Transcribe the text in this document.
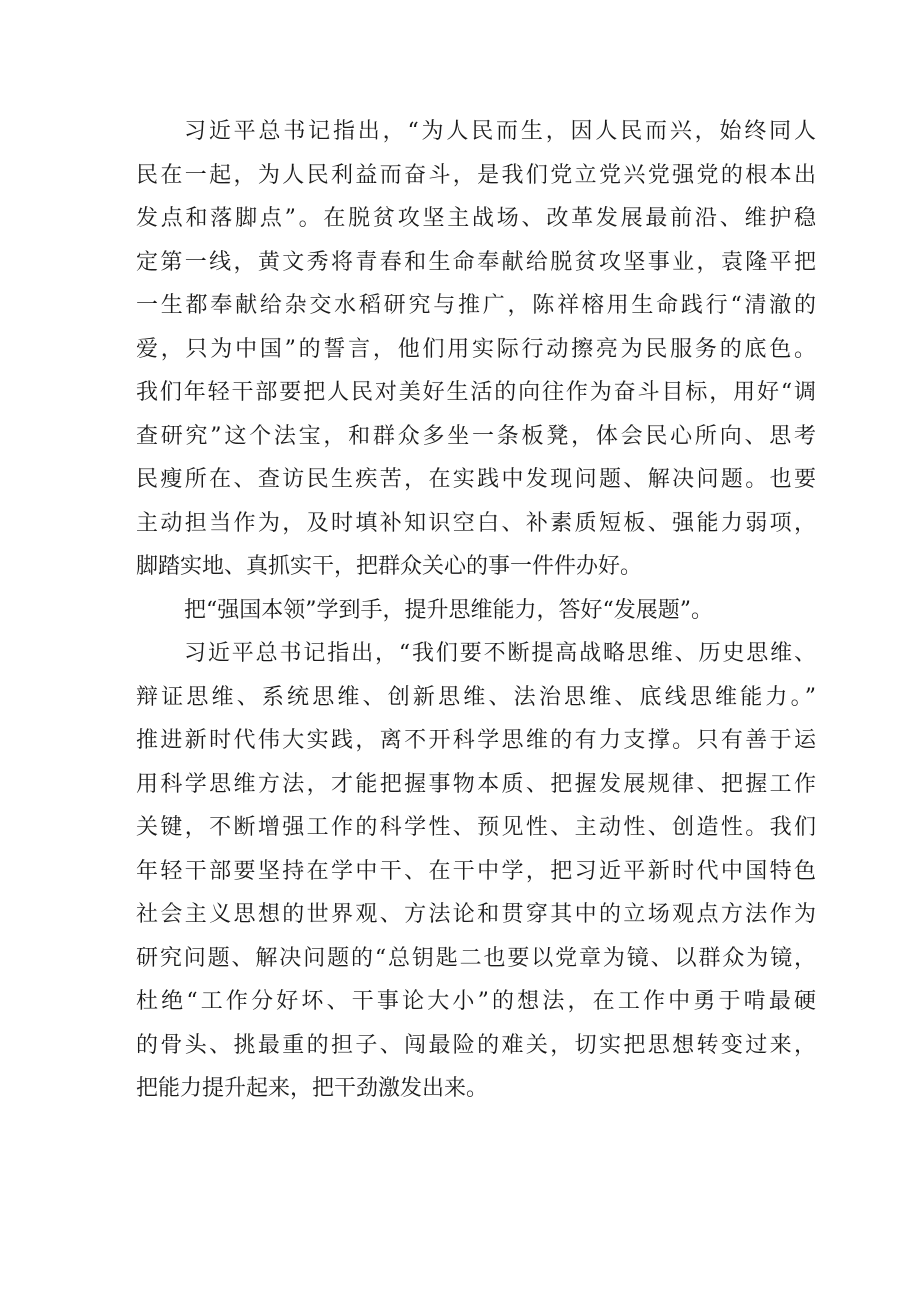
习近平总书记指出，“为人民而生，因人民而兴，始终同人
民在一起，为人民利益而奋斗，是我们党立党兴党强党的根本出
发点和落脚点”。在脱贫攻坚主战场、改革发展最前沿、维护稳
定第一线，黄文秀将青春和生命奉献给脱贫攻坚事业，袁隆平把
一生都奉献给杂交水稻研究与推广，陈祥榕用生命践行“清澈的
爱，只为中国”的誓言，他们用实际行动擦亮为民服务的底色。
我们年轻干部要把人民对美好生活的向往作为奋斗目标，用好“调
查研究”这个法宝，和群众多坐一条板凳，体会民心所向、思考
民瘦所在、查访民生疾苦，在实践中发现问题、解决问题。也要
主动担当作为，及时填补知识空白、补素质短板、强能力弱项，
脚踏实地、真抓实干，把群众关心的事一件件办好。
把“强国本领”学到手，提升思维能力，答好“发展题”。
习近平总书记指出，“我们要不断提高战略思维、历史思维、
辩证思维、系统思维、创新思维、法治思维、底线思维能力。”
推进新时代伟大实践，离不开科学思维的有力支撑。只有善于运
用科学思维方法，才能把握事物本质、把握发展规律、把握工作
关键，不断增强工作的科学性、预见性、主动性、创造性。我们
年轻干部要坚持在学中干、在干中学，把习近平新时代中国特色
社会主义思想的世界观、方法论和贯穿其中的立场观点方法作为
研究问题、解决问题的“总钥匙二也要以党章为镜、以群众为镜，
杜绝“工作分好坏、干事论大小”的想法，在工作中勇于啃最硬
的骨头、挑最重的担子、闯最险的难关，切实把思想转变过来，
把能力提升起来，把干劲激发出来。
